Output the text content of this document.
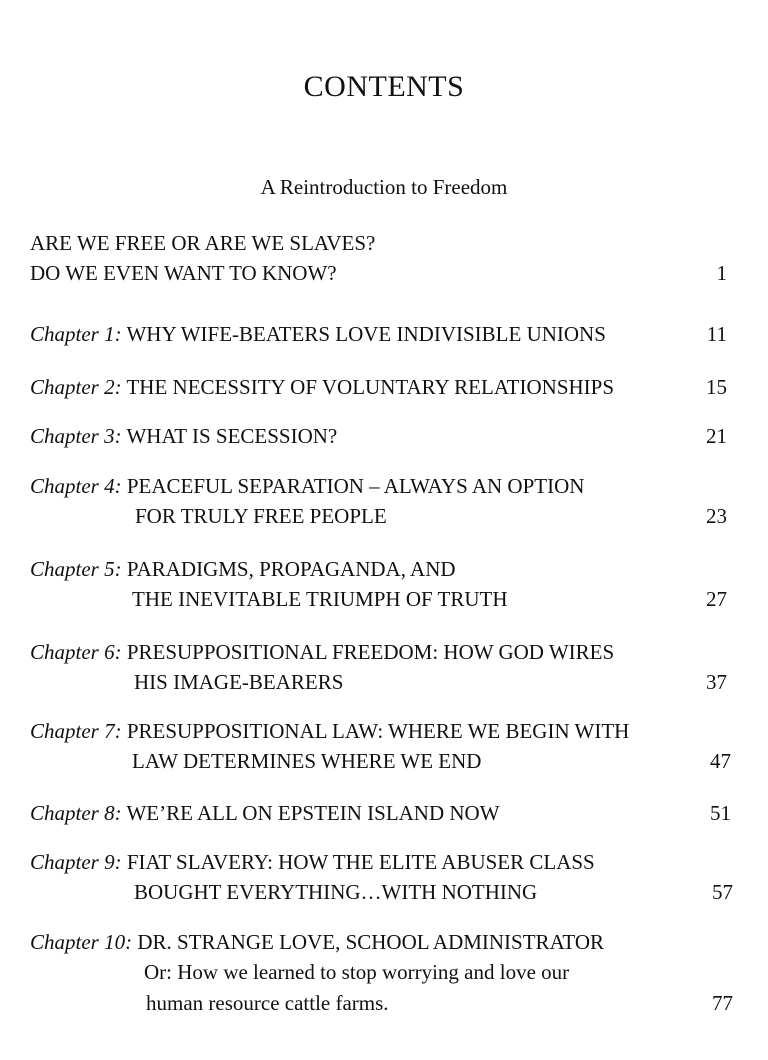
CONTENTS
A Reintroduction to Freedom
ARE WE FREE OR ARE WE SLAVES?
DO WE EVEN WANT TO KNOW?	1
Chapter 1: WHY WIFE-BEATERS LOVE INDIVISIBLE UNIONS	11
Chapter 2: THE NECESSITY OF VOLUNTARY RELATIONSHIPS	15
Chapter 3: WHAT IS SECESSION?	21
Chapter 4: PEACEFUL SEPARATION – ALWAYS AN OPTION
FOR TRULY FREE PEOPLE	23
Chapter 5: PARADIGMS, PROPAGANDA, AND
THE INEVITABLE TRIUMPH OF TRUTH	27
Chapter 6: PRESUPPOSITIONAL FREEDOM: HOW GOD WIRES
HIS IMAGE-BEARERS	37
Chapter 7: PRESUPPOSITIONAL LAW: WHERE WE BEGIN WITH
LAW DETERMINES WHERE WE END	47
Chapter 8: WE’RE ALL ON EPSTEIN ISLAND NOW	51
Chapter 9: FIAT SLAVERY: HOW THE ELITE ABUSER CLASS
BOUGHT EVERYTHING…WITH NOTHING	57
Chapter 10: DR. STRANGE LOVE, SCHOOL ADMINISTRATOR
Or: How we learned to stop worrying and love our
human resource cattle farms.	77
